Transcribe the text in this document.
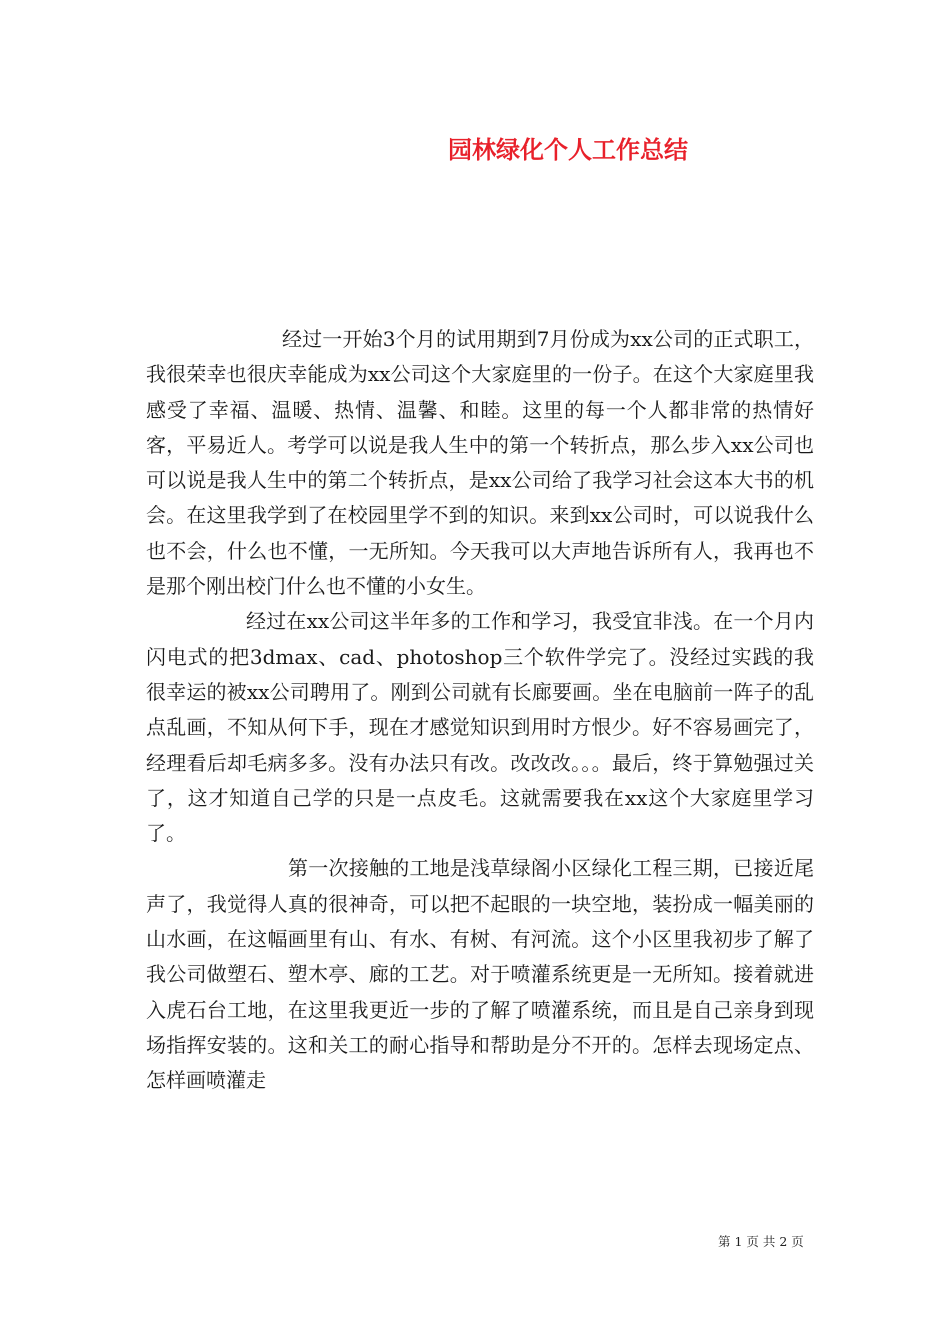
园林绿化个人工作总结

经过一开始3个月的试用期到7月份成为xx公司的正式职工，我很荣幸也很庆幸能成为xx公司这个大家庭里的一份子。在这个大家庭里我感受了幸福、温暖、热情、温馨、和睦。这里的每一个人都非常的热情好客，平易近人。考学可以说是我人生中的第一个转折点，那么步入xx公司也可以说是我人生中的第二个转折点，是xx公司给了我学习社会这本大书的机会。在这里我学到了在校园里学不到的知识。来到xx公司时，可以说我什么也不会，什么也不懂，一无所知。今天我可以大声地告诉所有人，我再也不是那个刚出校门什么也不懂的小女生。

经过在xx公司这半年多的工作和学习，我受宜非浅。在一个月内闪电式的把3dmax、cad、photoshop三个软件学完了。没经过实践的我很幸运的被xx公司聘用了。刚到公司就有长廊要画。坐在电脑前一阵子的乱点乱画，不知从何下手，现在才感觉知识到用时方恨少。好不容易画完了，经理看后却毛病多多。没有办法只有改。改改改。。。最后，终于算勉强过关了，这才知道自己学的只是一点皮毛。这就需要我在xx这个大家庭里学习了。

第一次接触的工地是浅草绿阁小区绿化工程三期，已接近尾声了，我觉得人真的很神奇，可以把不起眼的一块空地，装扮成一幅美丽的山水画，在这幅画里有山、有水、有树、有河流。这个小区里我初步了解了我公司做塑石、塑木亭、廊的工艺。对于喷灌系统更是一无所知。接着就进入虎石台工地，在这里我更近一步的了解了喷灌系统，而且是自己亲身到现场指挥安装的。这和关工的耐心指导和帮助是分不开的。怎样去现场定点、怎样画喷灌走

第 1 页 共 2 页
